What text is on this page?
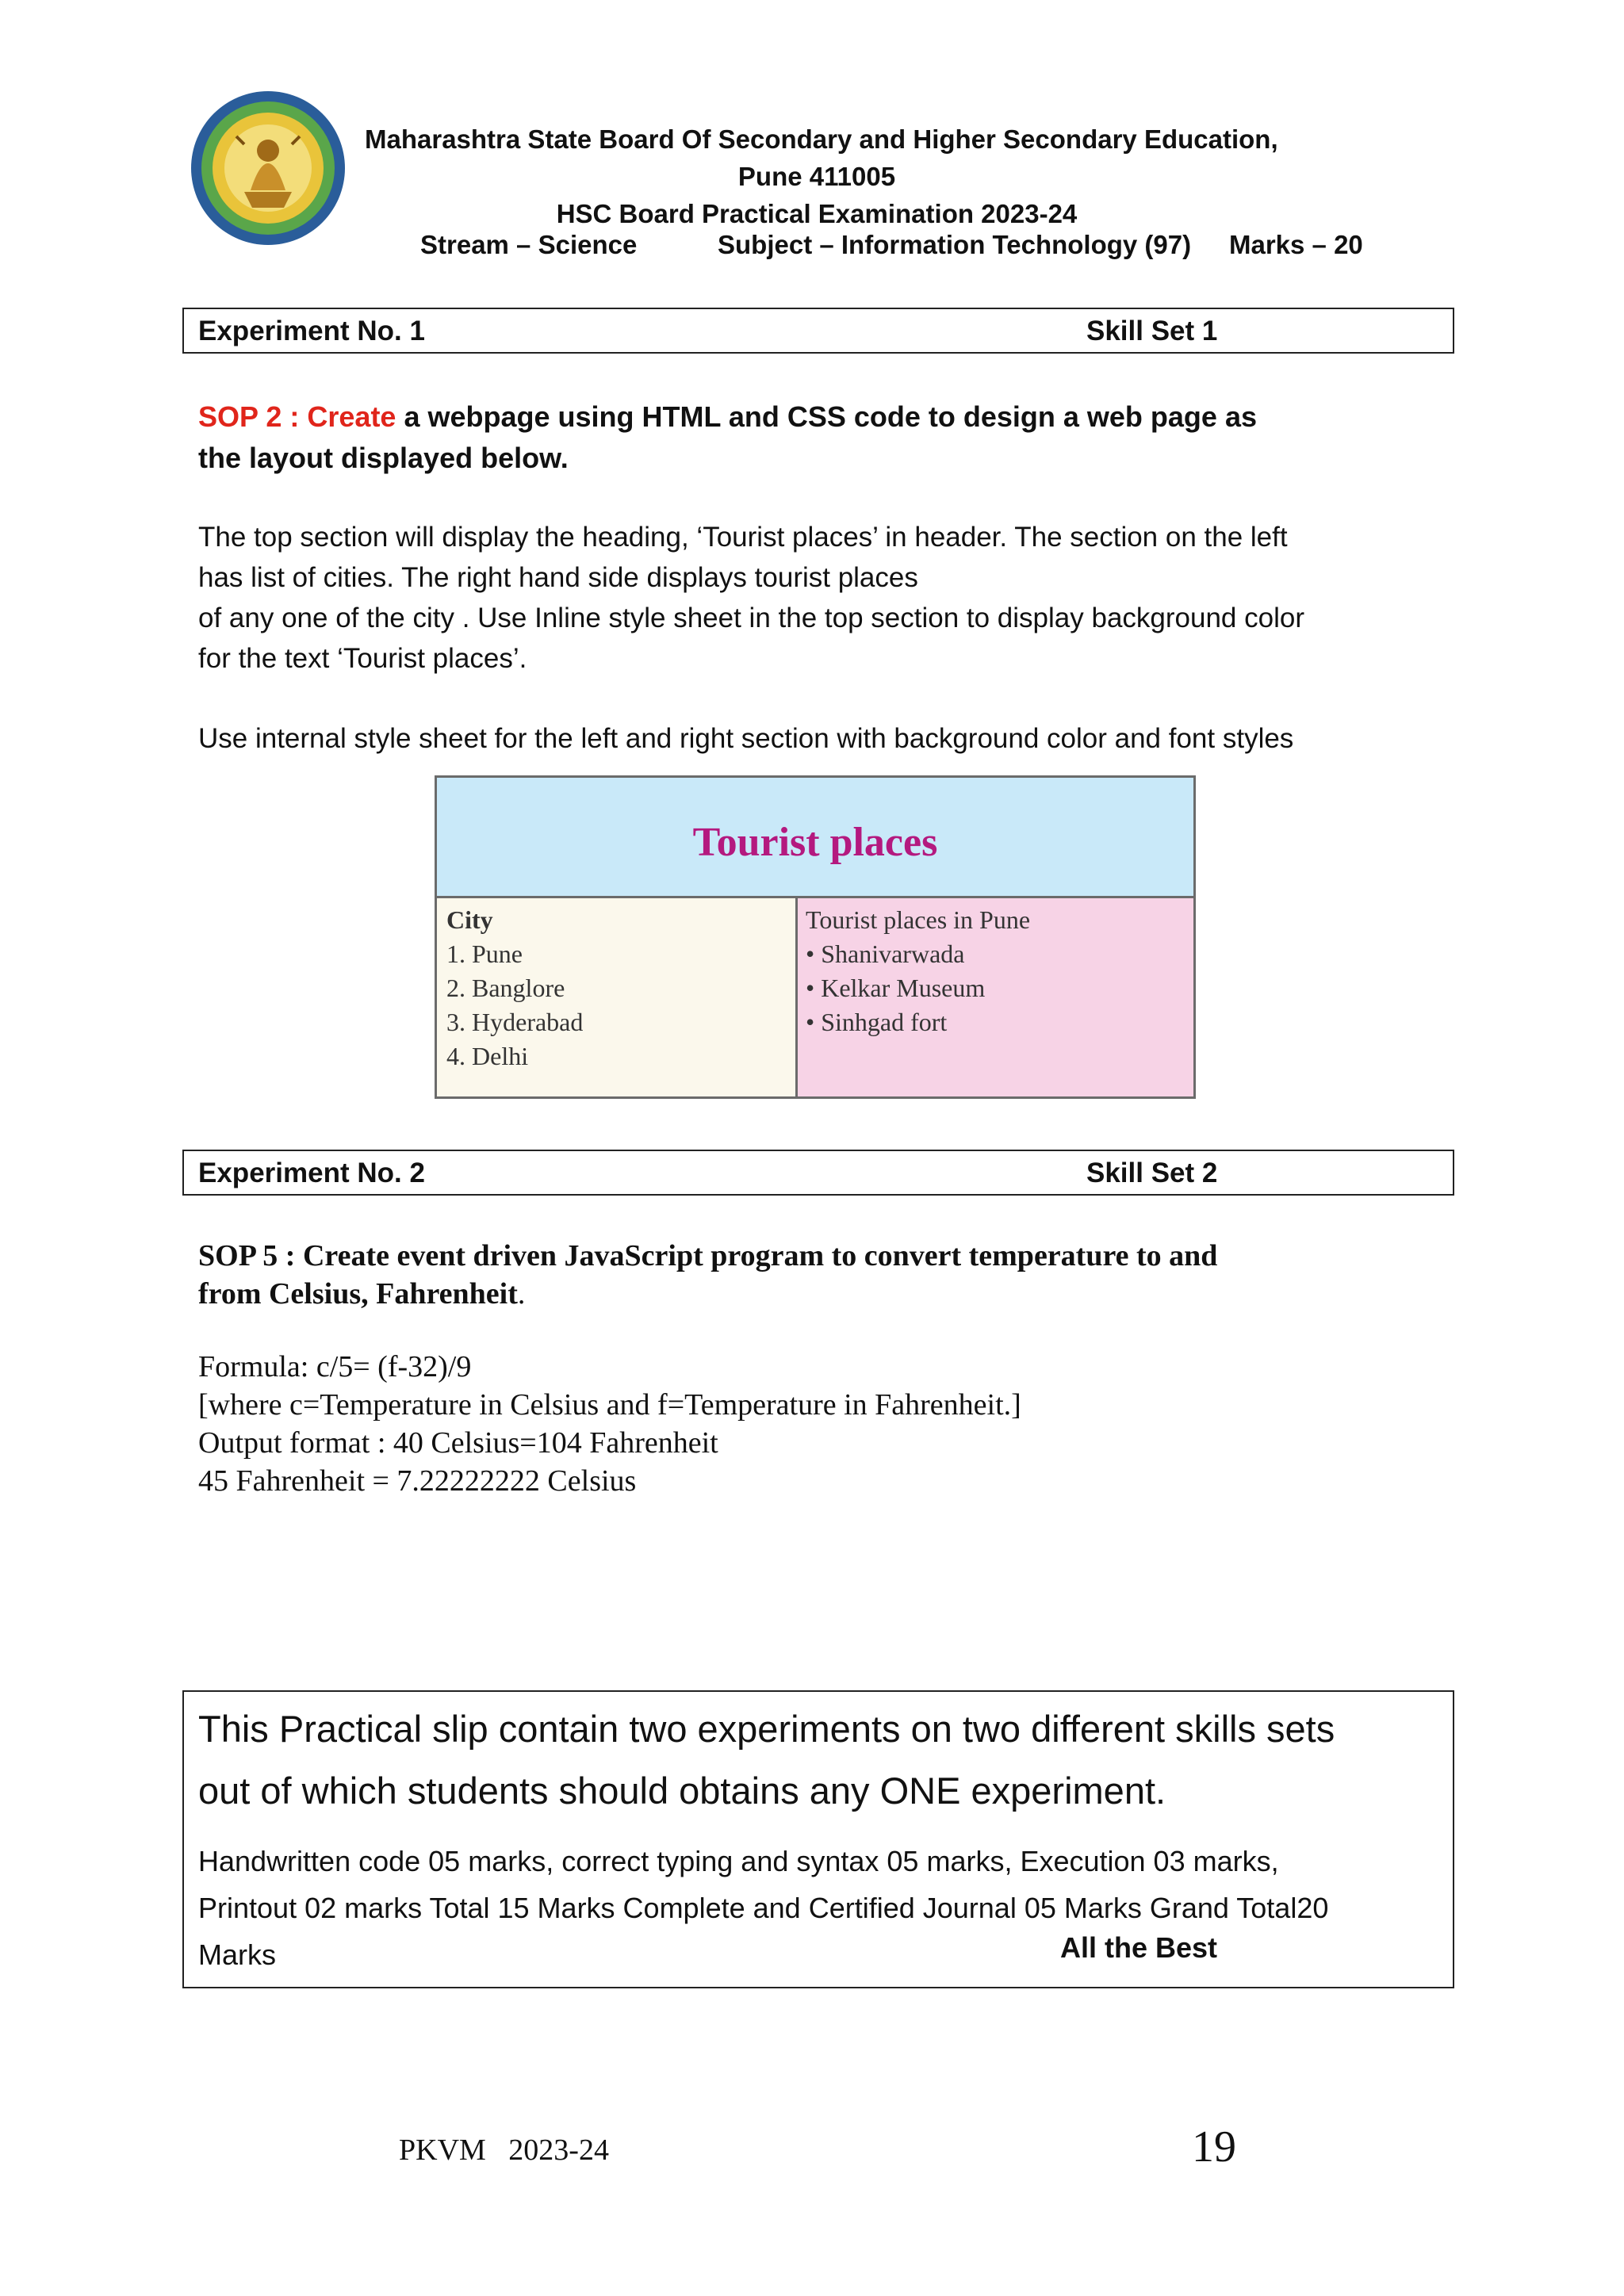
Maharashtra State Board Of Secondary and Higher Secondary Education,
Pune 411005
HSC Board Practical Examination 2023-24
Stream – Science	Subject – Information Technology (97) Marks – 20
Experiment No. 1	Skill Set 1
SOP 2 : Create a webpage using HTML and CSS code to design a web page as
the layout displayed below.
The top section will display the heading, ‘Tourist places’ in header. The section on the left
has list of cities. The right hand side displays tourist places
of any one of the city . Use Inline style sheet in the top section to display background color
for the text ‘Tourist places’.
Use internal style sheet for the left and right section with background color and font styles
Tourist places
City
1. Pune
2. Banglore
3. Hyderabad
4. Delhi
Tourist places in Pune
• Shanivarwada
• Kelkar Museum
• Sinhgad fort
Experiment No. 2	Skill Set 2
SOP 5 : Create event driven JavaScript program to convert temperature to and
from Celsius, Fahrenheit.
Formula: c/5= (f-32)/9
[where c=Temperature in Celsius and f=Temperature in Fahrenheit.]
Output format : 40 Celsius=104 Fahrenheit
45 Fahrenheit = 7.22222222 Celsius
This Practical slip contain two experiments on two different skills sets
out of which students should obtains any ONE experiment.
Handwritten code 05 marks, correct typing and syntax 05 marks, Execution 03 marks,
Printout 02 marks Total 15 Marks Complete and Certified Journal 05 Marks Grand Total20
Marks	All the Best
PKVM   2023-24	19
